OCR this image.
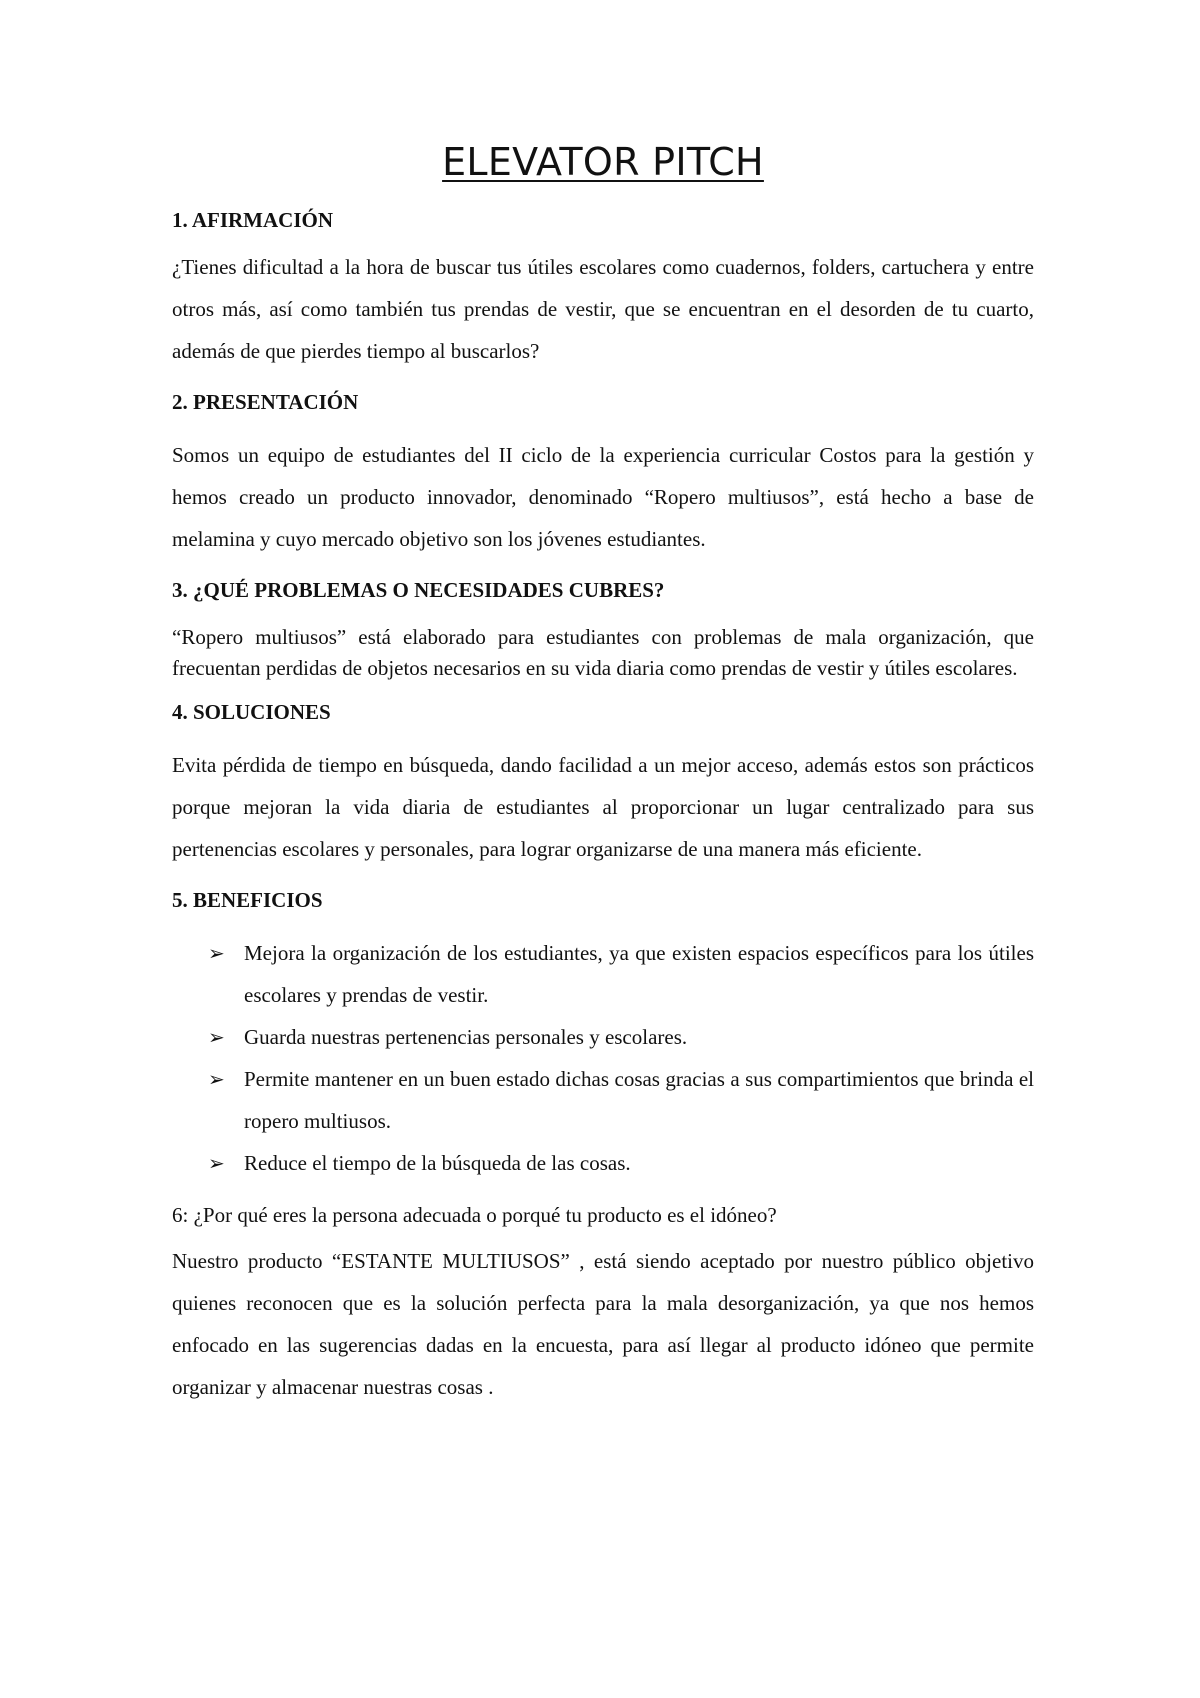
ELEVATOR PITCH
1. AFIRMACIÓN

¿Tienes dificultad a la hora de buscar tus útiles escolares como cuadernos, folders, cartuchera y entre otros más, así como también tus prendas de vestir, que se encuentran en el desorden de tu cuarto, además de que pierdes tiempo al buscarlos?

2. PRESENTACIÓN

Somos un equipo de estudiantes del II ciclo de la experiencia curricular Costos para la gestión y hemos creado un producto innovador, denominado “Ropero multiusos”, está hecho a base de melamina y cuyo mercado objetivo son los jóvenes estudiantes.

3. ¿QUÉ PROBLEMAS O NECESIDADES CUBRES?

“Ropero multiusos” está elaborado para estudiantes con problemas de mala organización, que frecuentan perdidas de objetos necesarios en su vida diaria como prendas de vestir y útiles escolares.

4. SOLUCIONES

Evita pérdida de tiempo en búsqueda, dando facilidad a un mejor acceso, además estos son prácticos porque mejoran la vida diaria de estudiantes al proporcionar un lugar centralizado para sus pertenencias escolares y personales, para lograr organizarse de una manera más eficiente.

5. BENEFICIOS
➢ Mejora la organización de los estudiantes, ya que existen espacios específicos para los útiles escolares y prendas de vestir.
➢ Guarda nuestras pertenencias personales y escolares.
➢ Permite mantener en un buen estado dichas cosas gracias a sus compartimientos que brinda el ropero multiusos.
➢ Reduce el tiempo de la búsqueda de las cosas.

6: ¿Por qué eres la persona adecuada o porqué tu producto es el idóneo?

Nuestro producto “ESTANTE MULTIUSOS” , está siendo aceptado por nuestro público objetivo quienes reconocen que es la solución perfecta para la mala desorganización, ya que nos hemos enfocado en las sugerencias dadas en la encuesta, para así llegar al producto idóneo que permite organizar y almacenar nuestras cosas .
